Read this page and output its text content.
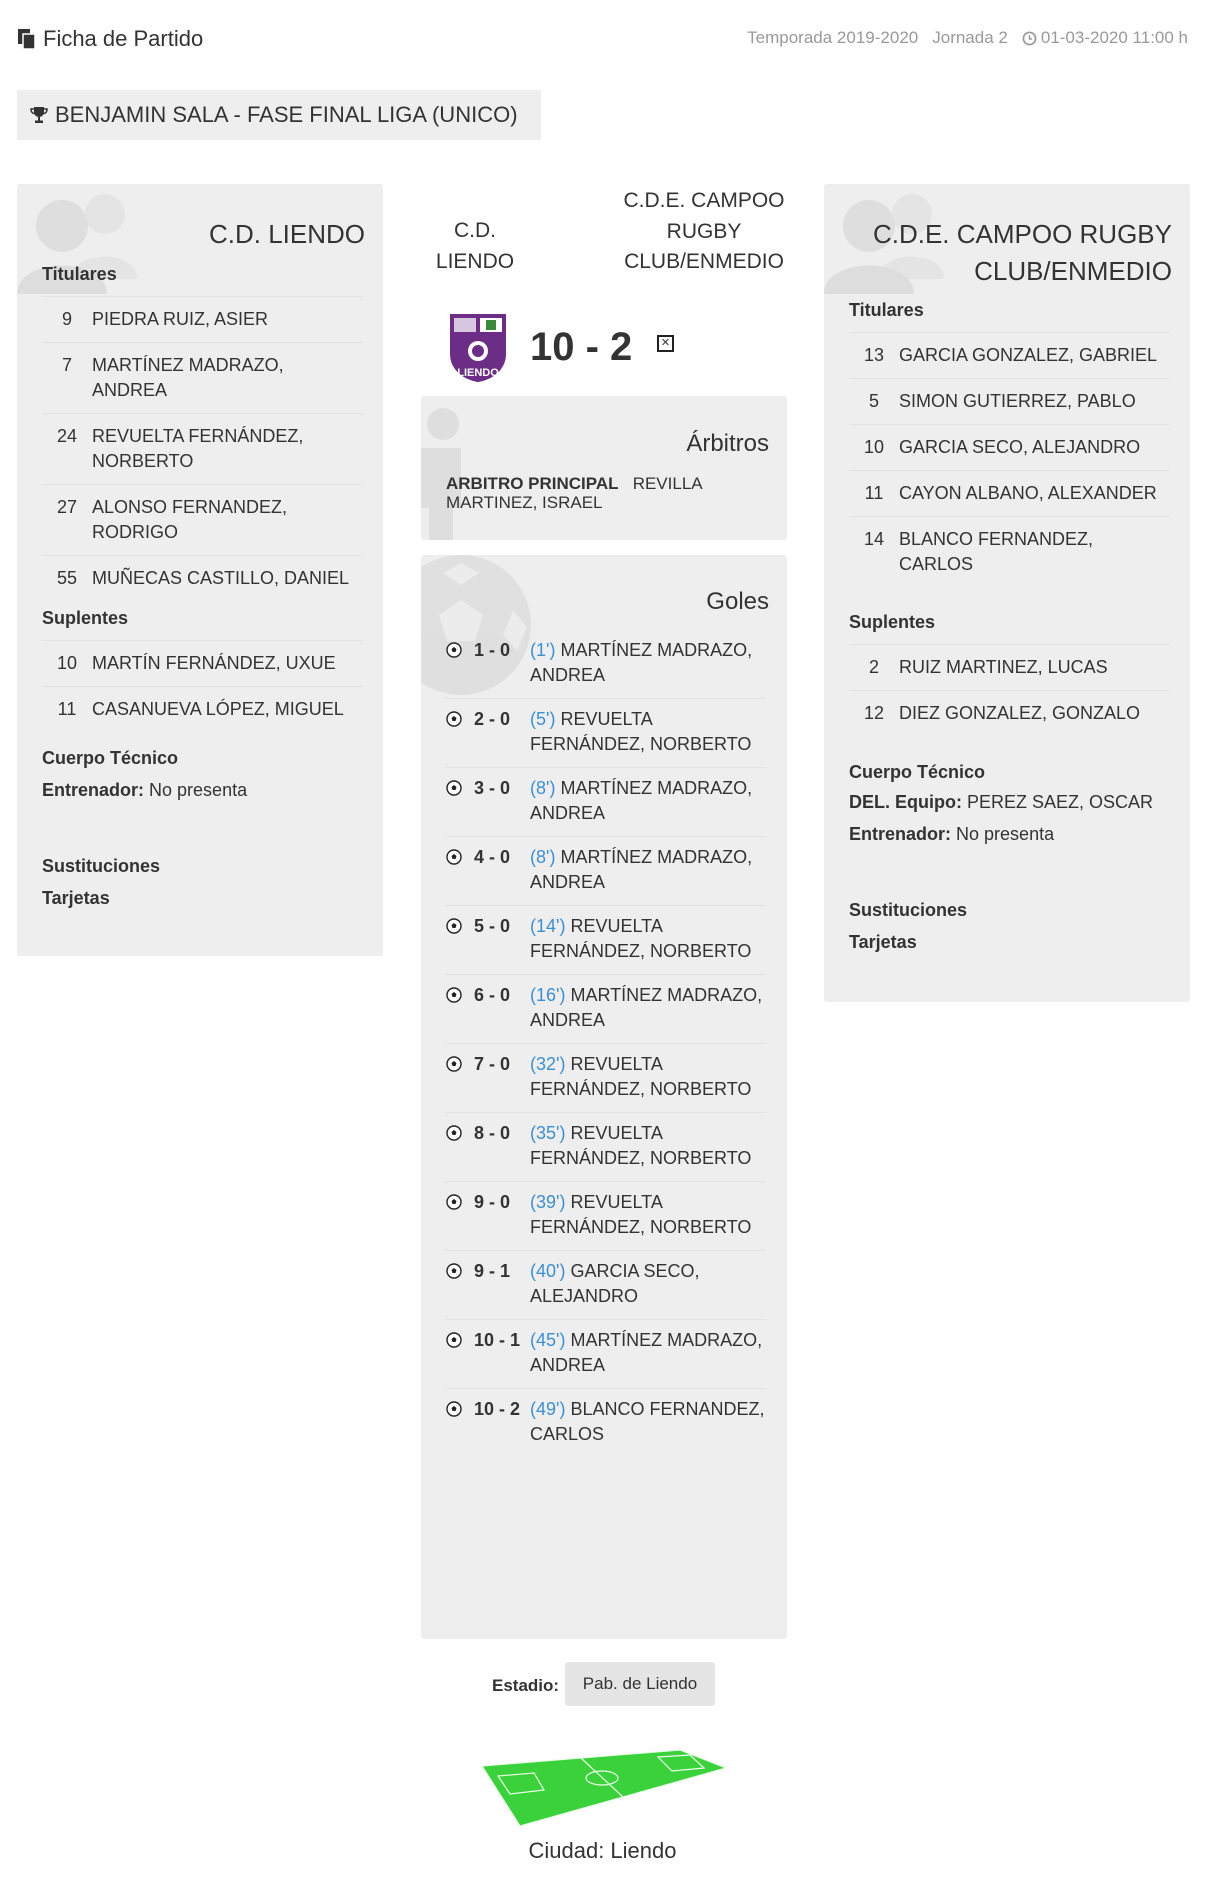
Ficha de Partido	Temporada 2019-2020 Jornada 2 01-03-2020 11:00 h
BENJAMIN SALA - FASE FINAL LIGA (UNICO)
C.D. LIENDO
Titulares
9	PIEDRA RUIZ, ASIER
7	MARTÍNEZ MADRAZO, ANDREA
24 REVUELTA FERNÁNDEZ, NORBERTO
27 ALONSO FERNANDEZ, RODRIGO
55 MUÑECAS CASTILLO, DANIEL
Suplentes
10 MARTÍN FERNÁNDEZ, UXUE
11 CASANUEVA LÓPEZ, MIGUEL
Cuerpo Técnico
Entrenador: No presenta
Sustituciones
Tarjetas
C.D. LIENDO
C.D.E. CAMPOO RUGBY CLUB/ENMEDIO
LIENDO
10 - 2	✕
Árbitros
ARBITRO PRINCIPAL REVILLA MARTINEZ, ISRAEL
Goles
1 - 0	(1') MARTÍNEZ MADRAZO, ANDREA
2 - 0	(5') REVUELTA FERNÁNDEZ, NORBERTO
3 - 0	(8') MARTÍNEZ MADRAZO, ANDREA
4 - 0	(8') MARTÍNEZ MADRAZO, ANDREA
5 - 0	(14') REVUELTA FERNÁNDEZ, NORBERTO
6 - 0	(16') MARTÍNEZ MADRAZO, ANDREA
7 - 0	(32') REVUELTA FERNÁNDEZ, NORBERTO
8 - 0	(35') REVUELTA FERNÁNDEZ, NORBERTO
9 - 0	(39') REVUELTA FERNÁNDEZ, NORBERTO
9 - 1	(40') GARCIA SECO, ALEJANDRO
10 - 1 (45') MARTÍNEZ MADRAZO, ANDREA
10 - 2 (49') BLANCO FERNANDEZ, CARLOS
C.D.E. CAMPOO RUGBY CLUB/ENMEDIO
Titulares
13 GARCIA GONZALEZ, GABRIEL
5	SIMON GUTIERREZ, PABLO
10 GARCIA SECO, ALEJANDRO
11 CAYON ALBANO, ALEXANDER
14 BLANCO FERNANDEZ, CARLOS
Suplentes
2	RUIZ MARTINEZ, LUCAS
12 DIEZ GONZALEZ, GONZALO
Cuerpo Técnico
DEL. Equipo: PEREZ SAEZ, OSCAR
Entrenador: No presenta
Sustituciones
Tarjetas
Estadio:	Pab. de Liendo
Ciudad: Liendo
